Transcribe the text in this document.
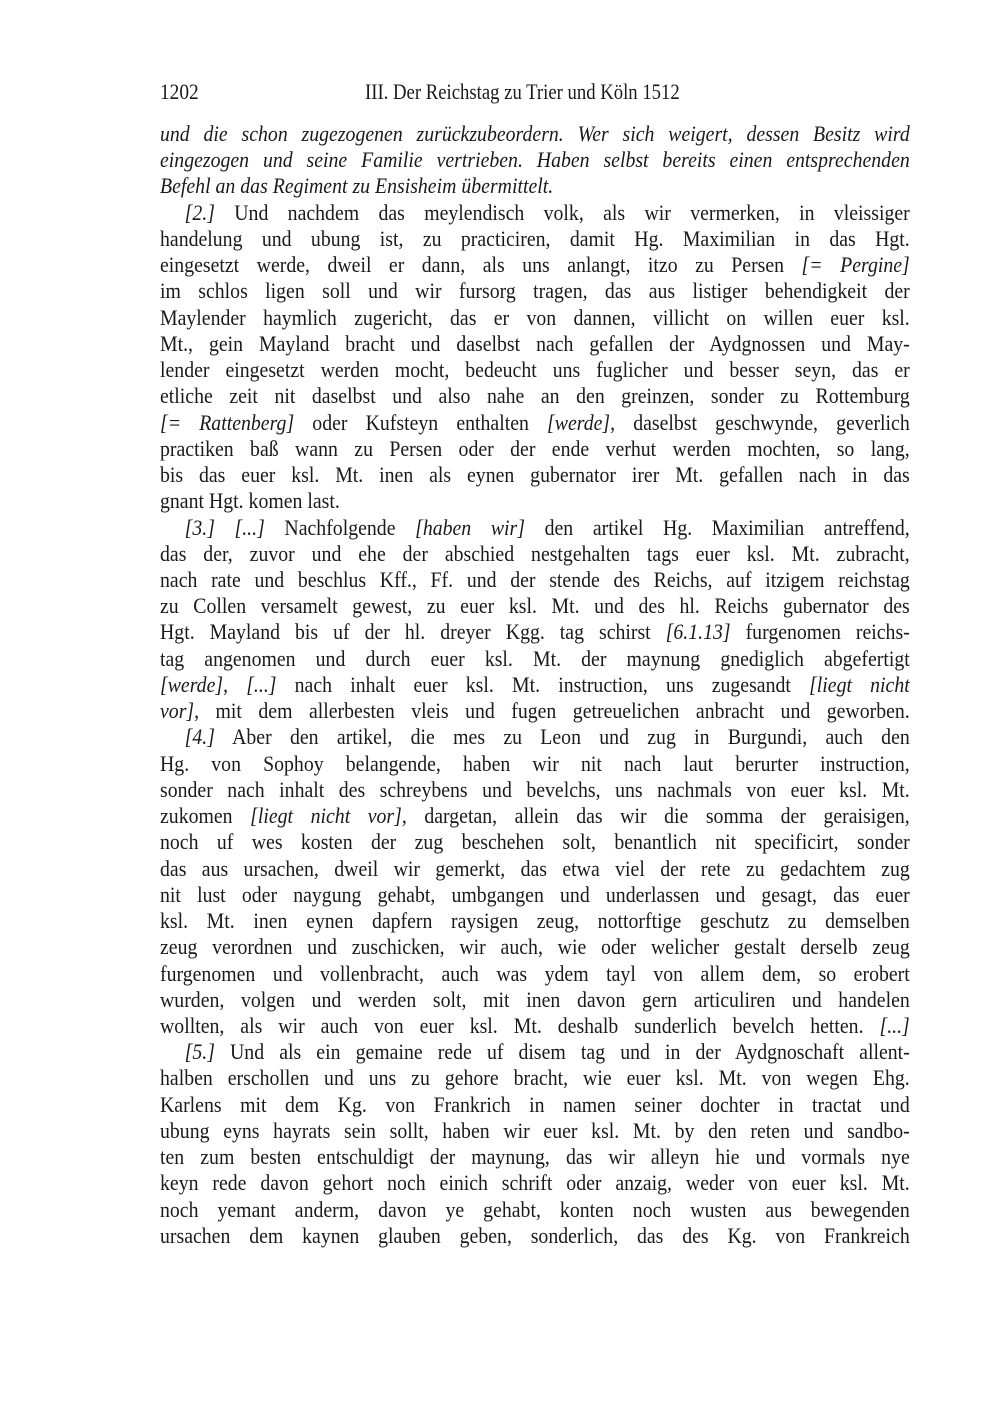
1202	III. Der Reichstag zu Trier und Köln 1512
und die schon zugezogenen zurückzubeordern. Wer sich weigert, dessen Besitz wird
eingezogen und seine Familie vertrieben. Haben selbst bereits einen entsprechenden
Befehl an das Regiment zu Ensisheim übermittelt.
[2.] Und nachdem das meylendisch volk, als wir vermerken, in vleissiger
handelung und ubung ist, zu practiciren, damit Hg. Maximilian in das Hgt.
eingesetzt werde, dweil er dann, als uns anlangt, itzo zu Persen [= Pergine]
im schlos ligen soll und wir fursorg tragen, das aus listiger behendigkeit der
Maylender haymlich zugericht, das er von dannen, villicht on willen euer ksl.
Mt., gein Mayland bracht und daselbst nach gefallen der Aydgnossen und May-
lender eingesetzt werden mocht, bedeucht uns fuglicher und besser seyn, das er
etliche zeit nit daselbst und also nahe an den greinzen, sonder zu Rottemburg
[= Rattenberg] oder Kufsteyn enthalten [werde], daselbst geschwynde, geverlich
practiken baß wann zu Persen oder der ende verhut werden mochten, so lang,
bis das euer ksl. Mt. inen als eynen gubernator irer Mt. gefallen nach in das
gnant Hgt. komen last.
[3.] [...] Nachfolgende [haben wir] den artikel Hg. Maximilian antreffend,
das der, zuvor und ehe der abschied nestgehalten tags euer ksl. Mt. zubracht,
nach rate und beschlus Kff., Ff. und der stende des Reichs, auf itzigem reichstag
zu Collen versamelt gewest, zu euer ksl. Mt. und des hl. Reichs gubernator des
Hgt. Mayland bis uf der hl. dreyer Kgg. tag schirst [6.1.13] furgenomen reichs-
tag angenomen und durch euer ksl. Mt. der maynung gnediglich abgefertigt
[werde], [...] nach inhalt euer ksl. Mt. instruction, uns zugesandt [liegt nicht
vor], mit dem allerbesten vleis und fugen getreuelichen anbracht und geworben.
[4.] Aber den artikel, die mes zu Leon und zug in Burgundi, auch den
Hg. von Sophoy belangende, haben wir nit nach laut berurter instruction,
sonder nach inhalt des schreybens und bevelchs, uns nachmals von euer ksl. Mt.
zukomen [liegt nicht vor], dargetan, allein das wir die somma der geraisigen,
noch uf wes kosten der zug beschehen solt, benantlich nit specificirt, sonder
das aus ursachen, dweil wir gemerkt, das etwa viel der rete zu gedachtem zug
nit lust oder naygung gehabt, umbgangen und underlassen und gesagt, das euer
ksl. Mt. inen eynen dapfern raysigen zeug, nottorftige geschutz zu demselben
zeug verordnen und zuschicken, wir auch, wie oder welicher gestalt derselb zeug
furgenomen und vollenbracht, auch was ydem tayl von allem dem, so erobert
wurden, volgen und werden solt, mit inen davon gern articuliren und handelen
wollten, als wir auch von euer ksl. Mt. deshalb sunderlich bevelch hetten. [...]
[5.] Und als ein gemaine rede uf disem tag und in der Aydgnoschaft allent-
halben erschollen und uns zu gehore bracht, wie euer ksl. Mt. von wegen Ehg.
Karlens mit dem Kg. von Frankrich in namen seiner dochter in tractat und
ubung eyns hayrats sein sollt, haben wir euer ksl. Mt. by den reten und sandbo-
ten zum besten entschuldigt der maynung, das wir alleyn hie und vormals nye
keyn rede davon gehort noch einich schrift oder anzaig, weder von euer ksl. Mt.
noch yemant anderm, davon ye gehabt, konten noch wusten aus bewegenden
ursachen dem kaynen glauben geben, sonderlich, das des Kg. von Frankreich
